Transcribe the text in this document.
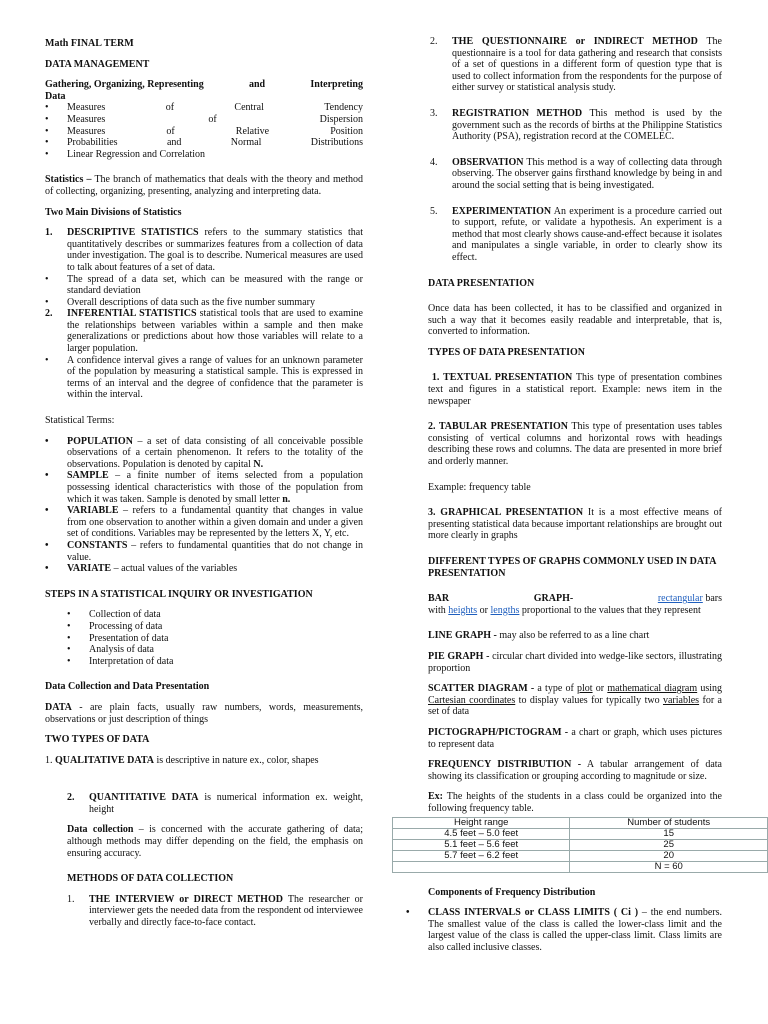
Math FINAL TERM

DATA MANAGEMENT

Gathering, Organizing, Representing	and	Interpreting
Data
• Measures	of	Central	Tendency
• Measures	of	Dispersion
• Measures	of	Relative	Position
• Probabilities	and	Normal	Distributions
• Linear Regression and Correlation

Statistics – The branch of mathematics that deals with the theory and method of collecting, organizing, presenting, analyzing and interpreting data.

Two Main Divisions of Statistics

1. DESCRIPTIVE STATISTICS refers to the summary statistics that quantitatively describes or summarizes features from a collection of data under investigation. The goal is to describe. Numerical measures are used to talk about features of a set of data.
• The spread of a data set, which can be measured with the range or standard deviation
• Overall descriptions of data such as the five number summary
2. INFERENTIAL STATISTICS statistical tools that are used to examine the relationships between variables within a sample and then make generalizations or predictions about how those variables will relate to a larger population.
• A confidence interval gives a range of values for an unknown parameter of the population by measuring a statistical sample. This is expressed in terms of an interval and the degree of confidence that the parameter is within the interval.

Statistical Terms:

• POPULATION – a set of data consisting of all conceivable possible observations of a certain phenomenon. It refers to the totality of the observations. Population is denoted by capital N.
• SAMPLE – a finite number of items selected from a population possessing identical characteristics with those of the population from which it was taken. Sample is denoted by small letter n.
• VARIABLE – refers to a fundamental quantity that changes in value from one observation to another within a given domain and under a given set of conditions. Variables may be represented by the letters X, Y, etc.
• CONSTANTS – refers to fundamental quantities that do not change in value.
• VARIATE – actual values of the variables

STEPS IN A STATISTICAL INQUIRY OR INVESTIGATION

• Collection of data
• Processing of data
• Presentation of data
• Analysis of data
• Interpretation of data

Data Collection and Data Presentation

DATA - are plain facts, usually raw numbers, words, measurements, observations or just description of things

TWO TYPES OF DATA

1. QUALITATIVE DATA is descriptive in nature ex., color, shapes

2. QUANTITATIVE DATA is numerical information ex. weight, height

Data collection – is concerned with the accurate gathering of data; although methods may differ depending on the field, the emphasis on ensuring accuracy.

METHODS OF DATA COLLECTION

1. THE INTERVIEW or DIRECT METHOD The researcher or interviewer gets the needed data from the respondent od interviewee verbally and directly face-to-face contact.
2. THE QUESTIONNAIRE or INDIRECT METHOD The questionnaire is a tool for data gathering and research that consists of a set of questions in a different form of question type that is used to collect information from the respondents for the purpose of either survey or statistical analysis study.
3. REGISTRATION METHOD This method is used by the government such as the records of births at the Philippine Statistics Authority (PSA), registration record at the COMELEC.
4. OBSERVATION This method is a way of collecting data through observing. The observer gains firsthand knowledge by being in and around the social setting that is being investigated.
5. EXPERIMENTATION An experiment is a procedure carried out to support, refute, or validate a hypothesis. An experiment is a method that most clearly shows cause-and-effect because it isolates and manipulates a single variable, in order to clearly show its effect.

DATA PRESENTATION

Once data has been collected, it has to be classified and organized in such a way that it becomes easily readable and interpretable, that is, converted to information.

TYPES OF DATA PRESENTATION

1. TEXTUAL PRESENTATION This type of presentation combines text and figures in a statistical report. Example: news item in the newspaper

2. TABULAR PRESENTATION This type of presentation uses tables consisting of vertical columns and horizontal rows with headings describing these rows and columns. The data are presented in more brief and orderly manner.

Example: frequency table

3. GRAPHICAL PRESENTATION It is a most effective means of presenting statistical data because important relationships are brought out more clearly in graphs

DIFFERENT TYPES OF GRAPHS COMMONLY USED IN DATA PRESENTATION

BAR	GRAPH-	rectangular bars
with heights or lengths proportional to the values that they represent

LINE GRAPH - may also be referred to as a line chart

PIE GRAPH - circular chart divided into wedge-like sectors, illustrating proportion

SCATTER DIAGRAM - a type of plot or mathematical diagram using Cartesian coordinates to display values for typically two variables for a set of data

PICTOGRAPH/PICTOGRAM - a chart or graph, which uses pictures to represent data

FREQUENCY DISTRIBUTION - A tabular arrangement of data showing its classification or grouping according to magnitude or size.

Ex: The heights of the students in a class could be organized into the following frequency table.

Height range	Number of students
4.5 feet – 5.0 feet	15
5.1 feet – 5.6 feet	25
5.7 feet – 6.2 feet	20
	N = 60

Components of Frequency Distribution

• CLASS INTERVALS or CLASS LIMITS ( Ci ) – the end numbers. The smallest value of the class is called the lower-class limit and the largest value of the class is called the upper-class limit. Class limits are also called inclusive classes.
